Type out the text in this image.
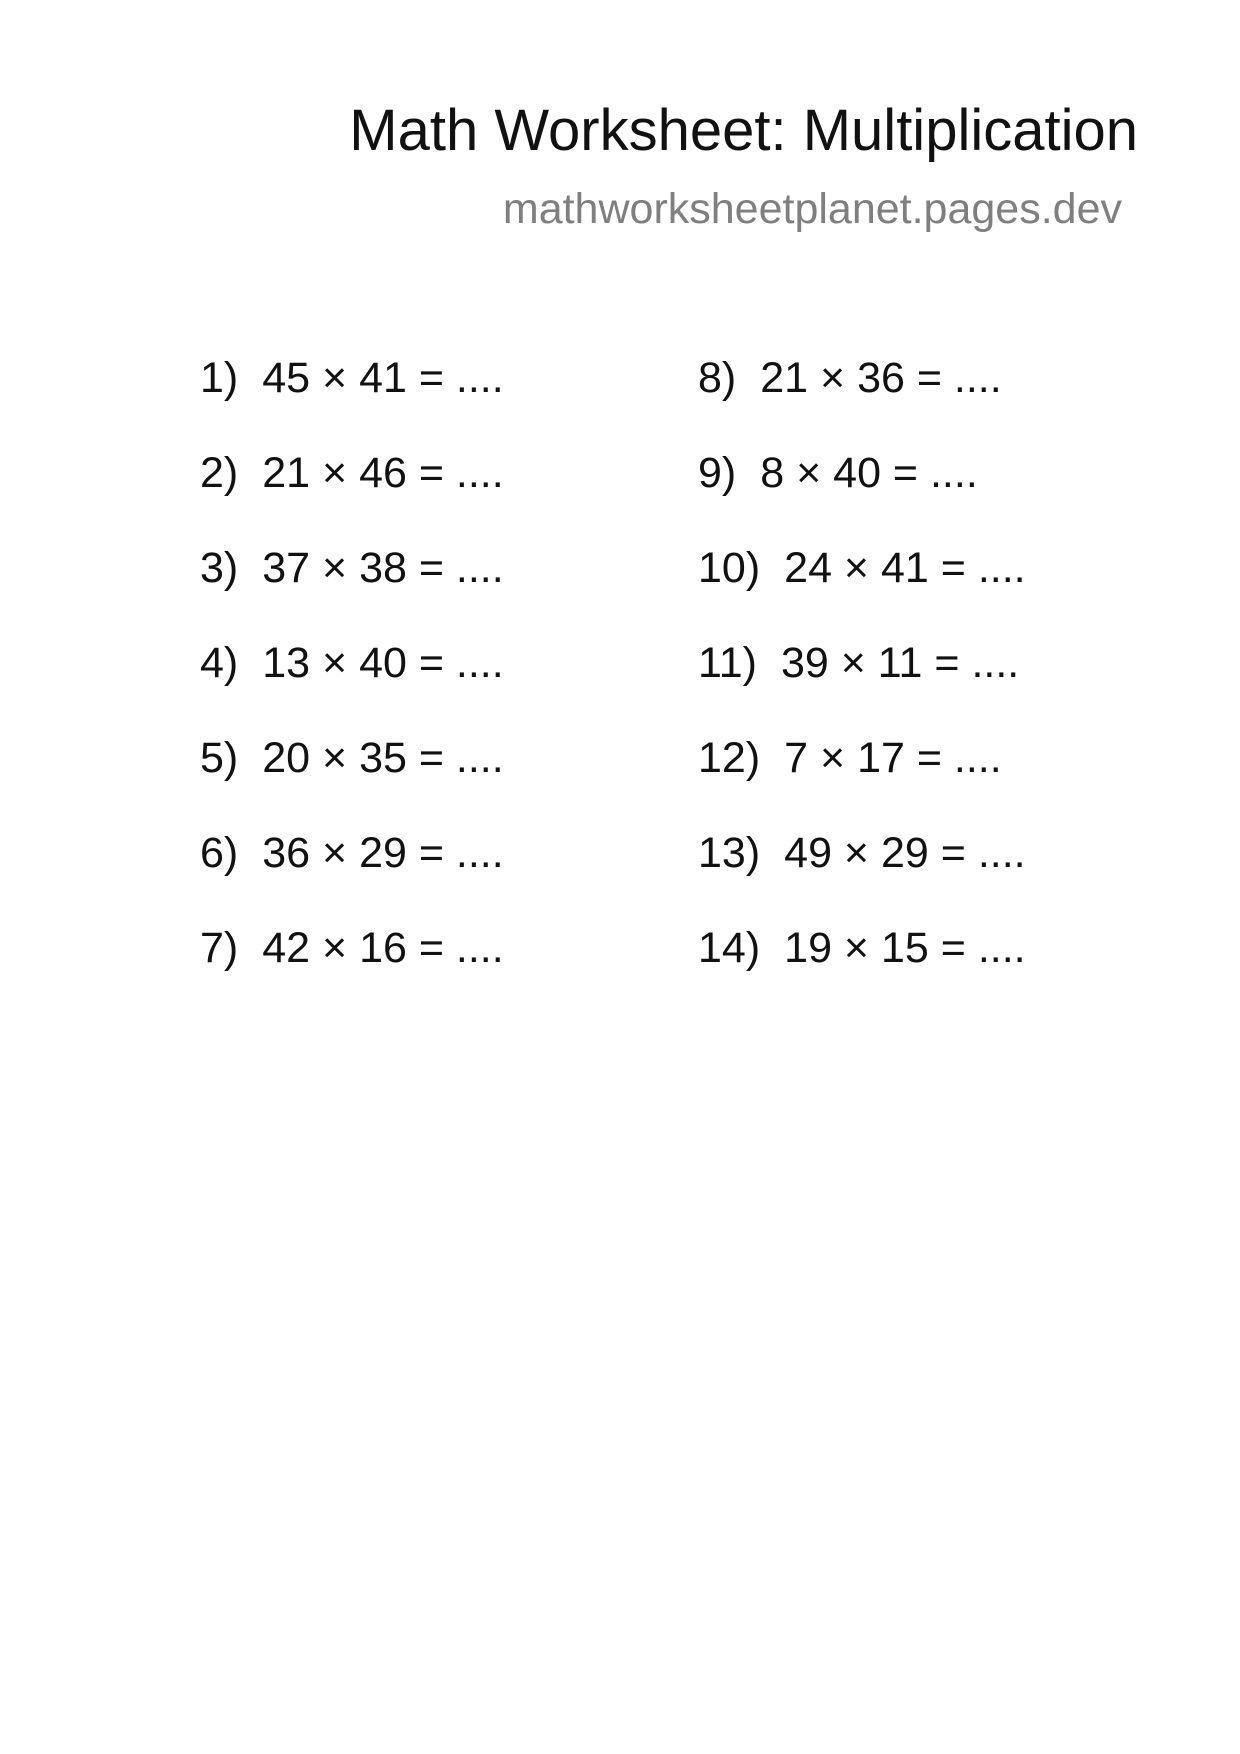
Math Worksheet: Multiplication
mathworksheetplanet.pages.dev
1) 45 × 41 = ....
2) 21 × 46 = ....
3) 37 × 38 = ....
4) 13 × 40 = ....
5) 20 × 35 = ....
6) 36 × 29 = ....
7) 42 × 16 = ....
8) 21 × 36 = ....
9) 8 × 40 = ....
10) 24 × 41 = ....
11) 39 × 11 = ....
12) 7 × 17 = ....
13) 49 × 29 = ....
14) 19 × 15 = ....
